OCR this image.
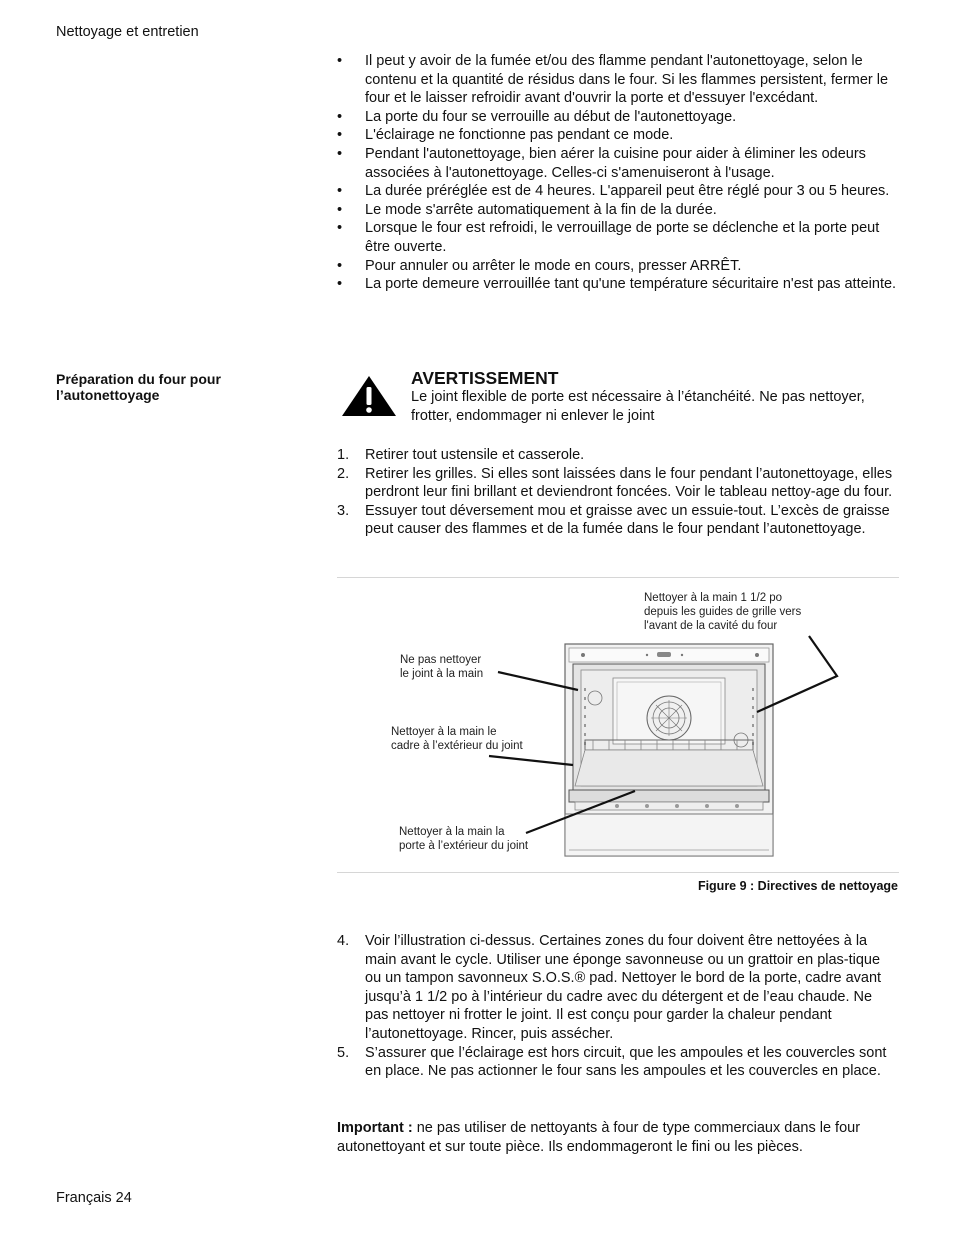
Nettoyage et entretien
•	Il peut y avoir de la fumée et/ou des flamme pendant l'autonettoyage, selon le contenu et la quantité de résidus dans le four. Si les flammes persistent, fermer le four et le laisser refroidir avant d'ouvrir la porte et d'essuyer l'excédant.
•	La porte du four se verrouille au début de l'autonettoyage.
•	L'éclairage ne fonctionne pas pendant ce mode.
•	Pendant l'autonettoyage, bien aérer la cuisine pour aider à éliminer les odeurs associées à l'autonettoyage. Celles-ci s'amenuiseront à l'usage.
•	La durée préréglée est de 4 heures. L'appareil peut être réglé pour 3 ou 5 heures.
•	Le mode s'arrête automatiquement à la fin de la durée.
•	Lorsque le four est refroidi, le verrouillage de porte se déclenche et la porte peut être ouverte.
•	Pour annuler ou arrêter le mode en cours, presser ARRÊT.
•	La porte demeure verrouillée tant qu'une température sécuritaire n'est pas atteinte.
Préparation du four pour l’autonettoyage
AVERTISSEMENT
Le joint flexible de porte est nécessaire à l’étanchéité. Ne pas nettoyer, frotter, endommager ni enlever le joint
1.	Retirer tout ustensile et casserole.
2.	Retirer les grilles. Si elles sont laissées dans le four pendant l’autonettoyage, elles perdront leur fini brillant et deviendront foncées. Voir le tableau nettoy-age du four.
3.	Essuyer tout déversement mou et graisse avec un essuie-tout. L’excès de graisse peut causer des flammes et de la fumée dans le four pendant l’autonettoyage.
Nettoyer à la main 1 1/2 po
depuis les guides de grille vers
l'avant de la cavité du four
Ne pas nettoyer
le joint à la main
Nettoyer à la main le
cadre à l’extérieur du joint
Nettoyer à la main la
porte à l’extérieur du joint
Figure 9 : Directives de nettoyage
4.	Voir l’illustration ci-dessus. Certaines zones du four doivent être nettoyées à la main avant le cycle. Utiliser une éponge savonneuse ou un grattoir en plas-tique ou un tampon savonneux S.O.S.® pad. Nettoyer le bord de la porte, cadre avant jusqu’à 1 1/2 po à l’intérieur du cadre avec du détergent et de l’eau chaude. Ne pas nettoyer ni frotter le joint. Il est conçu pour garder la chaleur pendant l’autonettoyage. Rincer, puis assécher.
5.	S’assurer que l’éclairage est hors circuit, que les ampoules et les couvercles sont en place. Ne pas actionner le four sans les ampoules et les couvercles en place.
Important : ne pas utiliser de nettoyants à four de type commerciaux dans le four autonettoyant et sur toute pièce. Ils endommageront le fini ou les pièces.
Français 24
